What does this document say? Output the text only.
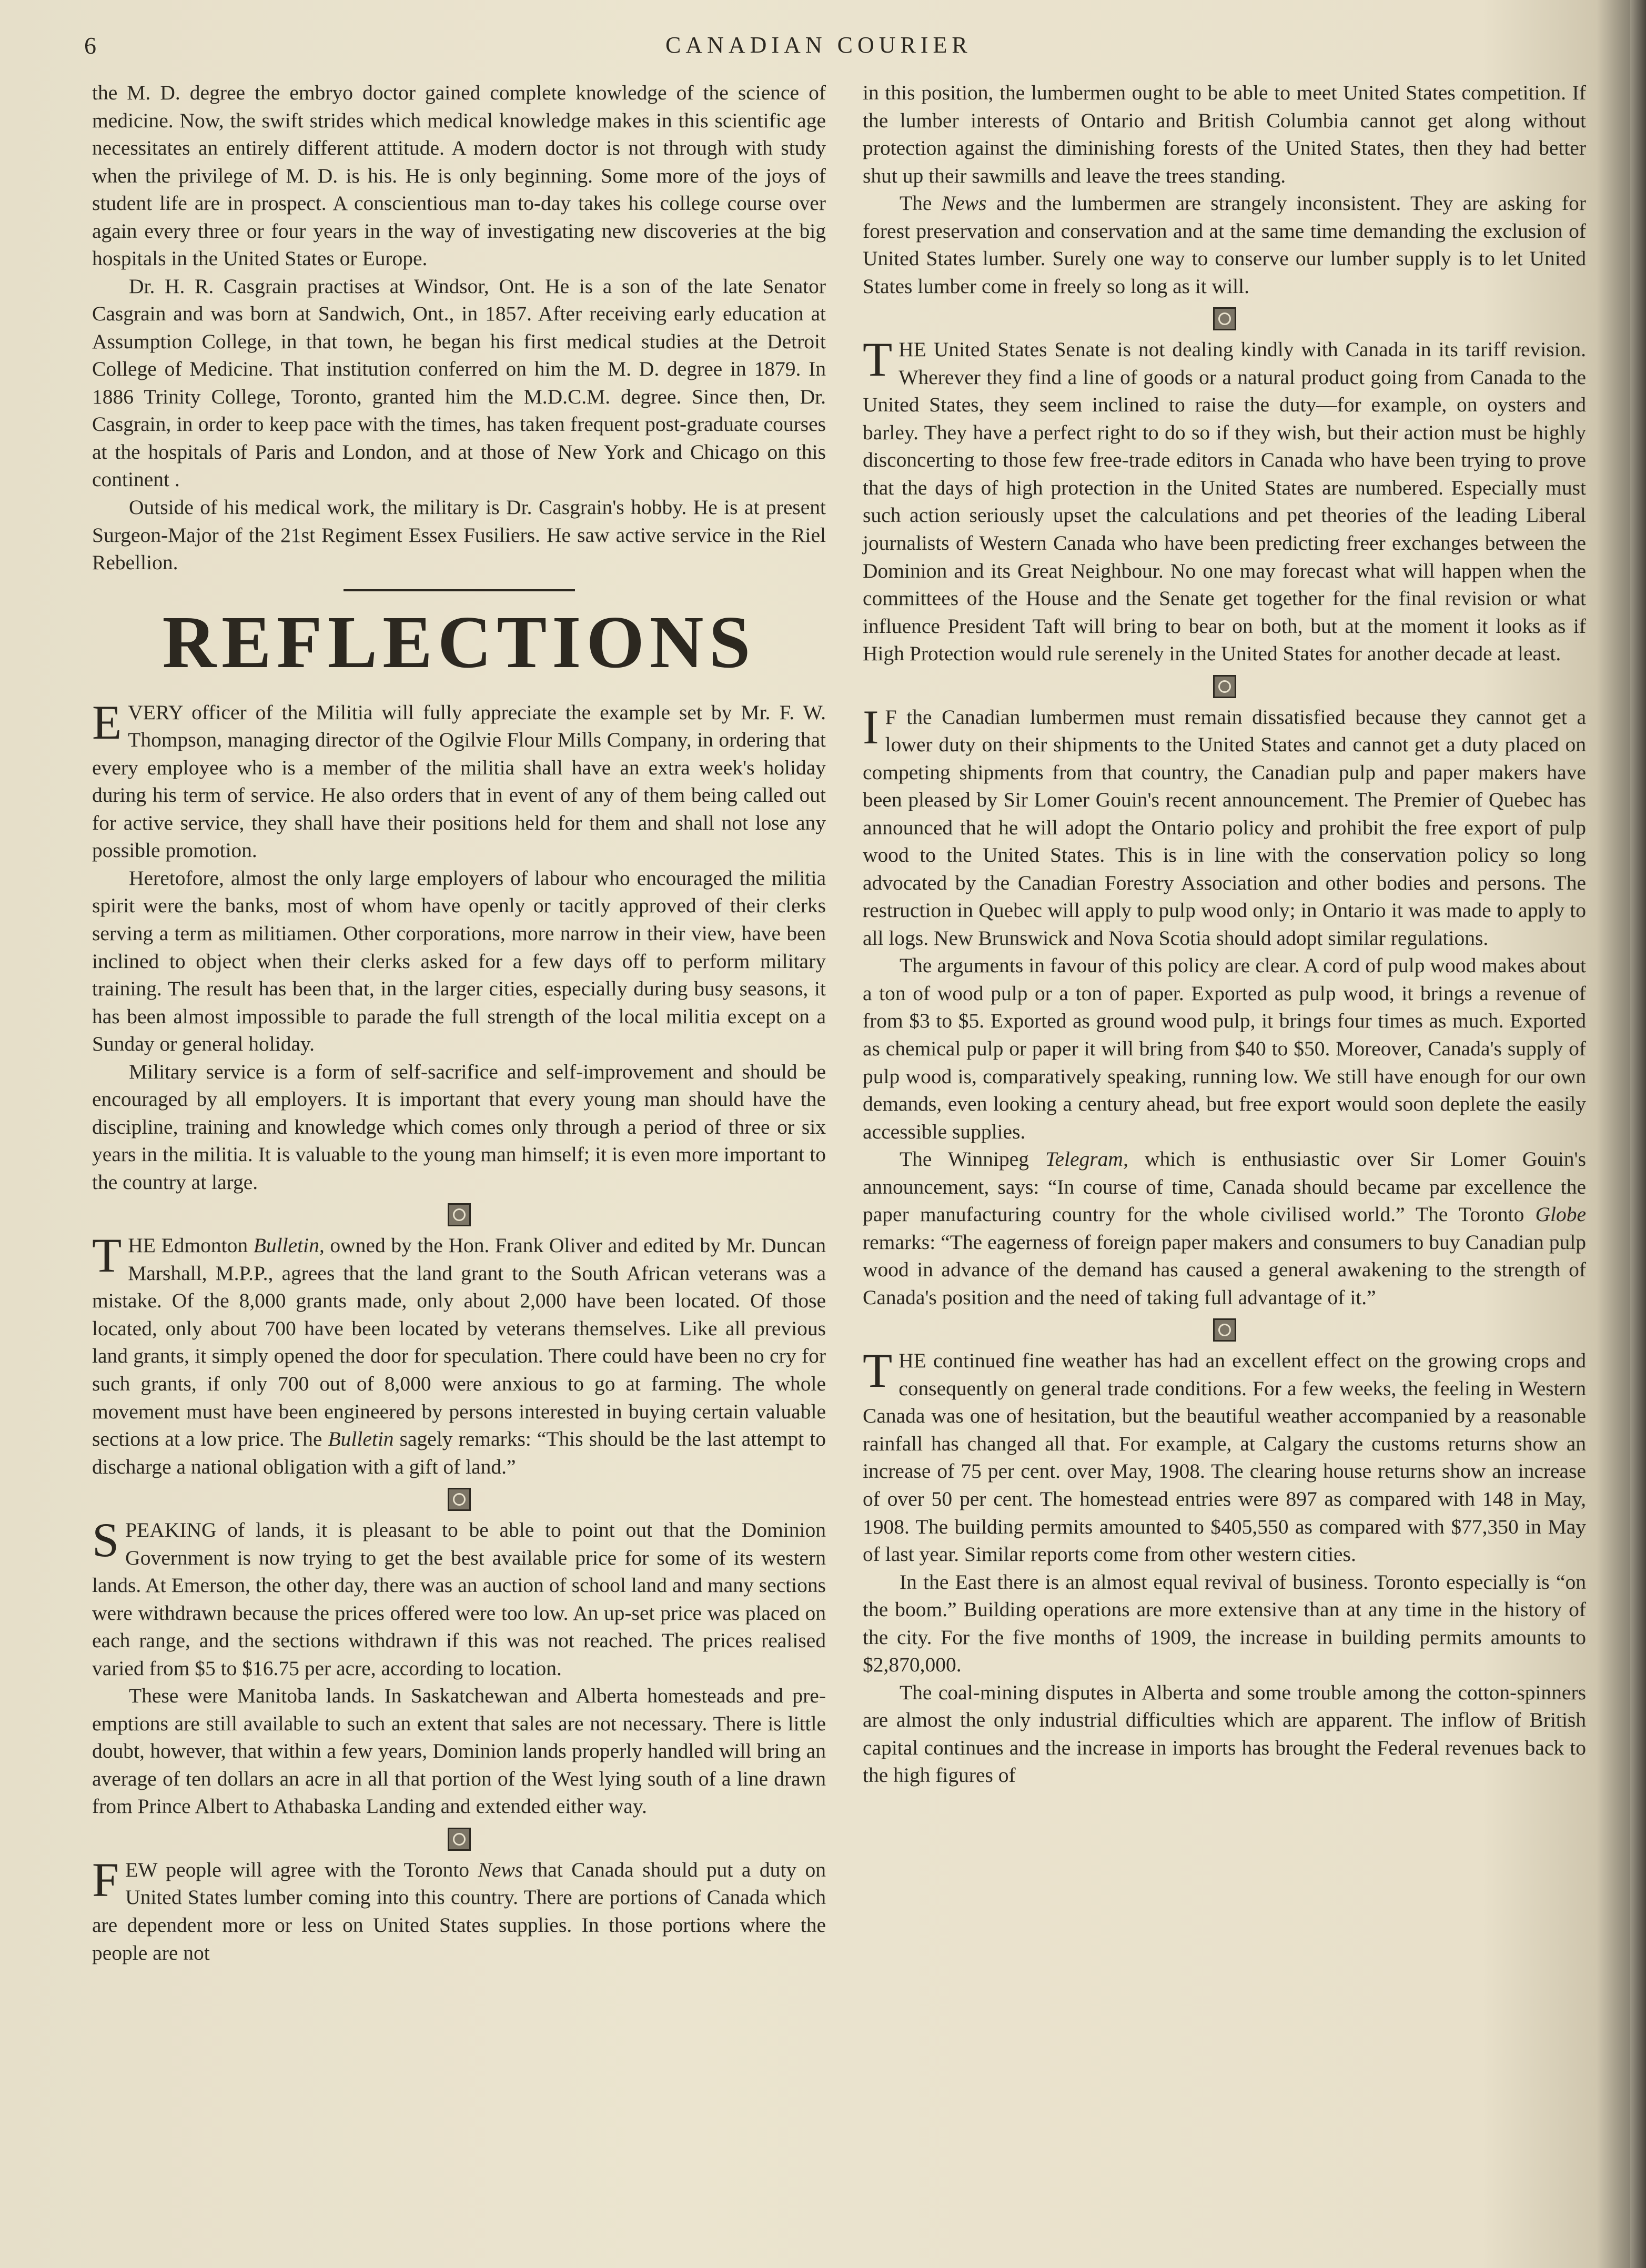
6	CANADIAN COURIER

the M. D. degree the embryo doctor gained complete knowledge of the science of medicine. Now, the swift strides which medical knowledge makes in this scientific age necessitates an entirely different attitude. A modern doctor is not through with study when the privilege of M. D. is his. He is only beginning. Some more of the joys of student life are in prospect. A conscientious man to-day takes his college course over again every three or four years in the way of investigating new discoveries at the big hospitals in the United States or Europe.

Dr. H. R. Casgrain practises at Windsor, Ont. He is a son of the late Senator Casgrain and was born at Sandwich, Ont., in 1857. After receiving early education at Assumption College, in that town, he began his first medical studies at the Detroit College of Medicine. That institution conferred on him the M. D. degree in 1879. In 1886 Trinity College, Toronto, granted him the M.D.C.M. degree. Since then, Dr. Casgrain, in order to keep pace with the times, has taken frequent post-graduate courses at the hospitals of Paris and London, and at those of New York and Chicago on this continent .

Outside of his medical work, the military is Dr. Casgrain's hobby. He is at present Surgeon-Major of the 21st Regiment Essex Fusiliers. He saw active service in the Riel Rebellion.

REFLECTIONS

EVERY officer of the Militia will fully appreciate the example set by Mr. F. W. Thompson, managing director of the Ogilvie Flour Mills Company, in ordering that every employee who is a member of the militia shall have an extra week's holiday during his term of service. He also orders that in event of any of them being called out for active service, they shall have their positions held for them and shall not lose any possible promotion.

Heretofore, almost the only large employers of labour who encouraged the militia spirit were the banks, most of whom have openly or tacitly approved of their clerks serving a term as militiamen. Other corporations, more narrow in their view, have been inclined to object when their clerks asked for a few days off to perform military training. The result has been that, in the larger cities, especially during busy seasons, it has been almost impossible to parade the full strength of the local militia except on a Sunday or general holiday.

Military service is a form of self-sacrifice and self-improvement and should be encouraged by all employers. It is important that every young man should have the discipline, training and knowledge which comes only through a period of three or six years in the militia. It is valuable to the young man himself; it is even more important to the country at large.

THE Edmonton Bulletin, owned by the Hon. Frank Oliver and edited by Mr. Duncan Marshall, M.P.P., agrees that the land grant to the South African veterans was a mistake. Of the 8,000 grants made, only about 2,000 have been located. Of those located, only about 700 have been located by veterans themselves. Like all previous land grants, it simply opened the door for speculation. There could have been no cry for such grants, if only 700 out of 8,000 were anxious to go at farming. The whole movement must have been engineered by persons interested in buying certain valuable sections at a low price. The Bulletin sagely remarks: “This should be the last attempt to discharge a national obligation with a gift of land.”

SPEAKING of lands, it is pleasant to be able to point out that the Dominion Government is now trying to get the best available price for some of its western lands. At Emerson, the other day, there was an auction of school land and many sections were withdrawn because the prices offered were too low. An up-set price was placed on each range, and the sections withdrawn if this was not reached. The prices realised varied from $5 to $16.75 per acre, according to location.

These were Manitoba lands. In Saskatchewan and Alberta homesteads and pre-emptions are still available to such an extent that sales are not necessary. There is little doubt, however, that within a few years, Dominion lands properly handled will bring an average of ten dollars an acre in all that portion of the West lying south of a line drawn from Prince Albert to Athabaska Landing and extended either way.

FEW people will agree with the Toronto News that Canada should put a duty on United States lumber coming into this country. There are portions of Canada which are dependent more or less on United States supplies. In those portions where the people are not

in this position, the lumbermen ought to be able to meet United States competition. If the lumber interests of Ontario and British Columbia cannot get along without protection against the diminishing forests of the United States, then they had better shut up their sawmills and leave the trees standing.

The News and the lumbermen are strangely inconsistent. They are asking for forest preservation and conservation and at the same time demanding the exclusion of United States lumber. Surely one way to conserve our lumber supply is to let United States lumber come in freely so long as it will.

THE United States Senate is not dealing kindly with Canada in its tariff revision. Wherever they find a line of goods or a natural product going from Canada to the United States, they seem inclined to raise the duty—for example, on oysters and barley. They have a perfect right to do so if they wish, but their action must be highly disconcerting to those few free-trade editors in Canada who have been trying to prove that the days of high protection in the United States are numbered. Especially must such action seriously upset the calculations and pet theories of the leading Liberal journalists of Western Canada who have been predicting freer exchanges between the Dominion and its Great Neighbour. No one may forecast what will happen when the committees of the House and the Senate get together for the final revision or what influence President Taft will bring to bear on both, but at the moment it looks as if High Protection would rule serenely in the United States for another decade at least.

I F the Canadian lumbermen must remain dissatisfied because they cannot get a lower duty on their shipments to the United States and cannot get a duty placed on competing shipments from that country, the Canadian pulp and paper makers have been pleased by Sir Lomer Gouin's recent announcement. The Premier of Quebec has announced that he will adopt the Ontario policy and prohibit the free export of pulp wood to the United States. This is in line with the conservation policy so long advocated by the Canadian Forestry Association and other bodies and persons. The restruction in Quebec will apply to pulp wood only; in Ontario it was made to apply to all logs. New Brunswick and Nova Scotia should adopt similar regulations.

The arguments in favour of this policy are clear. A cord of pulp wood makes about a ton of wood pulp or a ton of paper. Exported as pulp wood, it brings a revenue of from $3 to $5. Exported as ground wood pulp, it brings four times as much. Exported as chemical pulp or paper it will bring from $40 to $50. Moreover, Canada's supply of pulp wood is, comparatively speaking, running low. We still have enough for our own demands, even looking a century ahead, but free export would soon deplete the easily accessible supplies.

The Winnipeg Telegram, which is enthusiastic over Sir Lomer Gouin's announcement, says: “In course of time, Canada should became par excellence the paper manufacturing country for the whole civilised world.” The Toronto Globe remarks: “The eagerness of foreign paper makers and consumers to buy Canadian pulp wood in advance of the demand has caused a general awakening to the strength of Canada's position and the need of taking full advantage of it.”

THE continued fine weather has had an excellent effect on the growing crops and consequently on general trade conditions. For a few weeks, the feeling in Western Canada was one of hesitation, but the beautiful weather accompanied by a reasonable rainfall has changed all that. For example, at Calgary the customs returns show an increase of 75 per cent. over May, 1908. The clearing house returns show an increase of over 50 per cent. The homestead entries were 897 as compared with 148 in May, 1908. The building permits amounted to $405,550 as compared with $77,350 in May of last year. Similar reports come from other western cities.

In the East there is an almost equal revival of business. Toronto especially is “on the boom.” Building operations are more extensive than at any time in the history of the city. For the five months of 1909, the increase in building permits amounts to $2,870,000.

The coal-mining disputes in Alberta and some trouble among the cotton-spinners are almost the only industrial difficulties which are apparent. The inflow of British capital continues and the increase in imports has brought the Federal revenues back to the high figures of
